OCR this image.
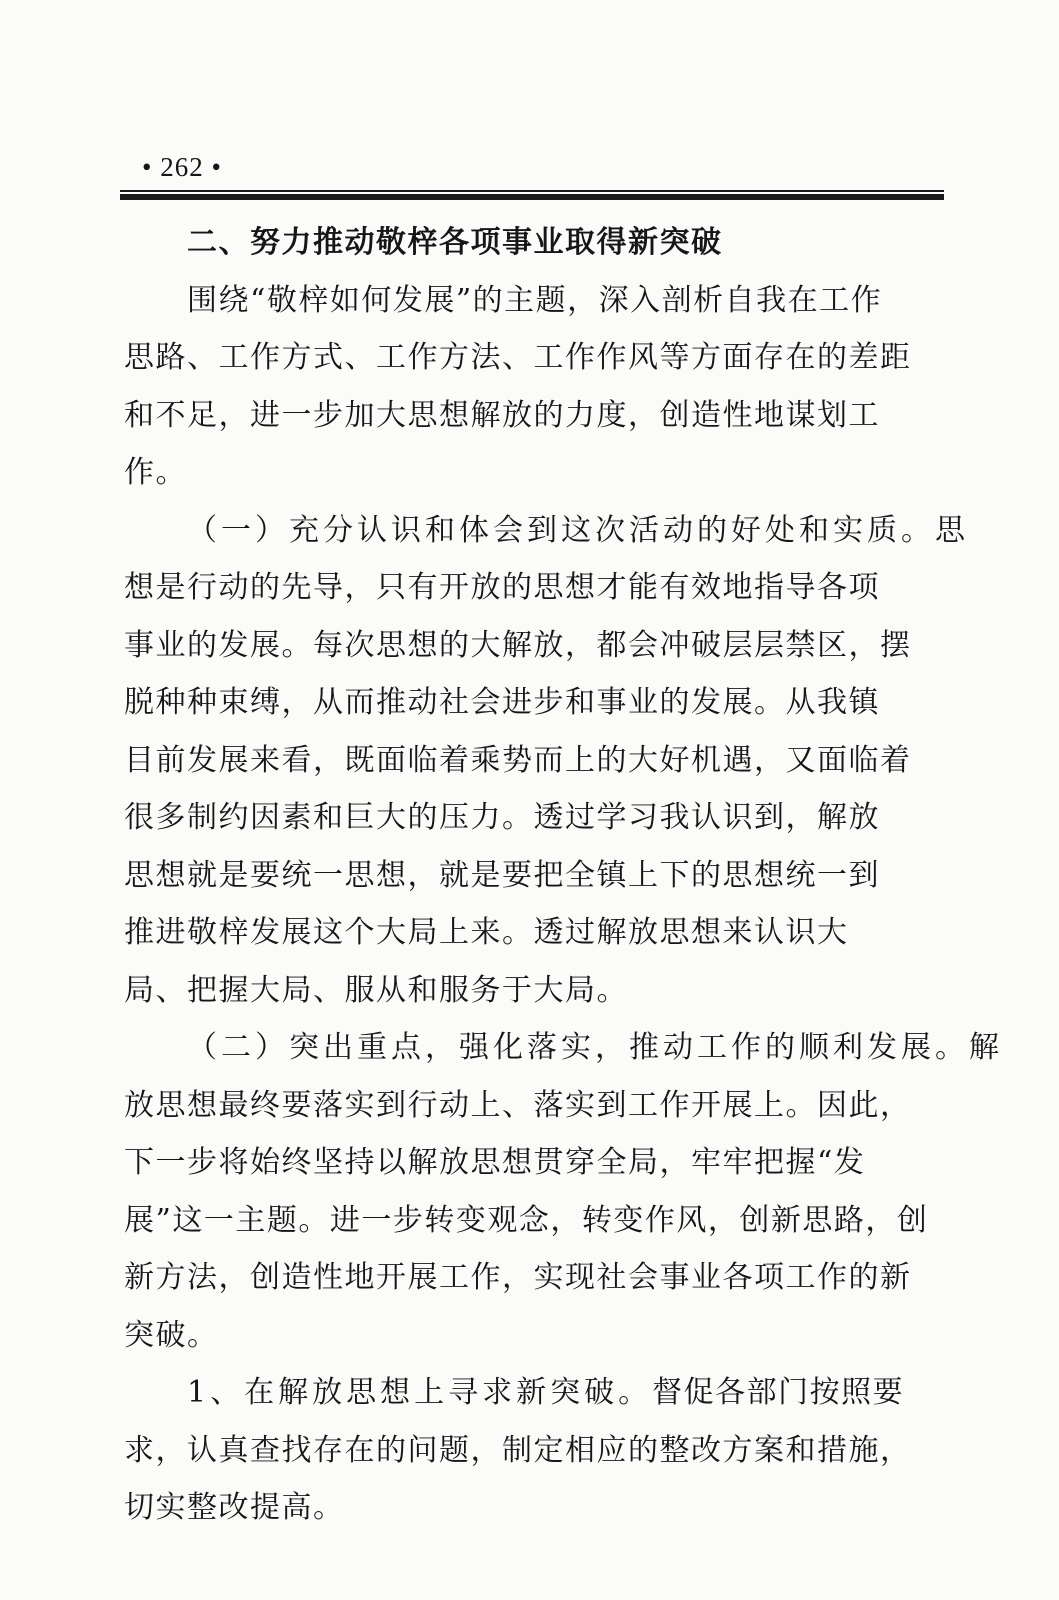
• 262 •
二、努力推动敬梓各项事业取得新突破
围绕“敬梓如何发展”的主题，深入剖析自我在工作
思路、工作方式、工作方法、工作作风等方面存在的差距
和不足，进一步加大思想解放的力度，创造性地谋划工
作。
（一）充分认识和体会到这次活动的好处和实质。思
想是行动的先导，只有开放的思想才能有效地指导各项
事业的发展。每次思想的大解放，都会冲破层层禁区，摆
脱种种束缚，从而推动社会进步和事业的发展。从我镇
目前发展来看，既面临着乘势而上的大好机遇，又面临着
很多制约因素和巨大的压力。透过学习我认识到，解放
思想就是要统一思想，就是要把全镇上下的思想统一到
推进敬梓发展这个大局上来。透过解放思想来认识大
局、把握大局、服从和服务于大局。
（二）突出重点，强化落实，推动工作的顺利发展。解
放思想最终要落实到行动上、落实到工作开展上。因此，
下一步将始终坚持以解放思想贯穿全局，牢牢把握“发
展”这一主题。进一步转变观念，转变作风，创新思路，创
新方法，创造性地开展工作，实现社会事业各项工作的新
突破。
1、在解放思想上寻求新突破。督促各部门按照要
求，认真查找存在的问题，制定相应的整改方案和措施，
切实整改提高。
